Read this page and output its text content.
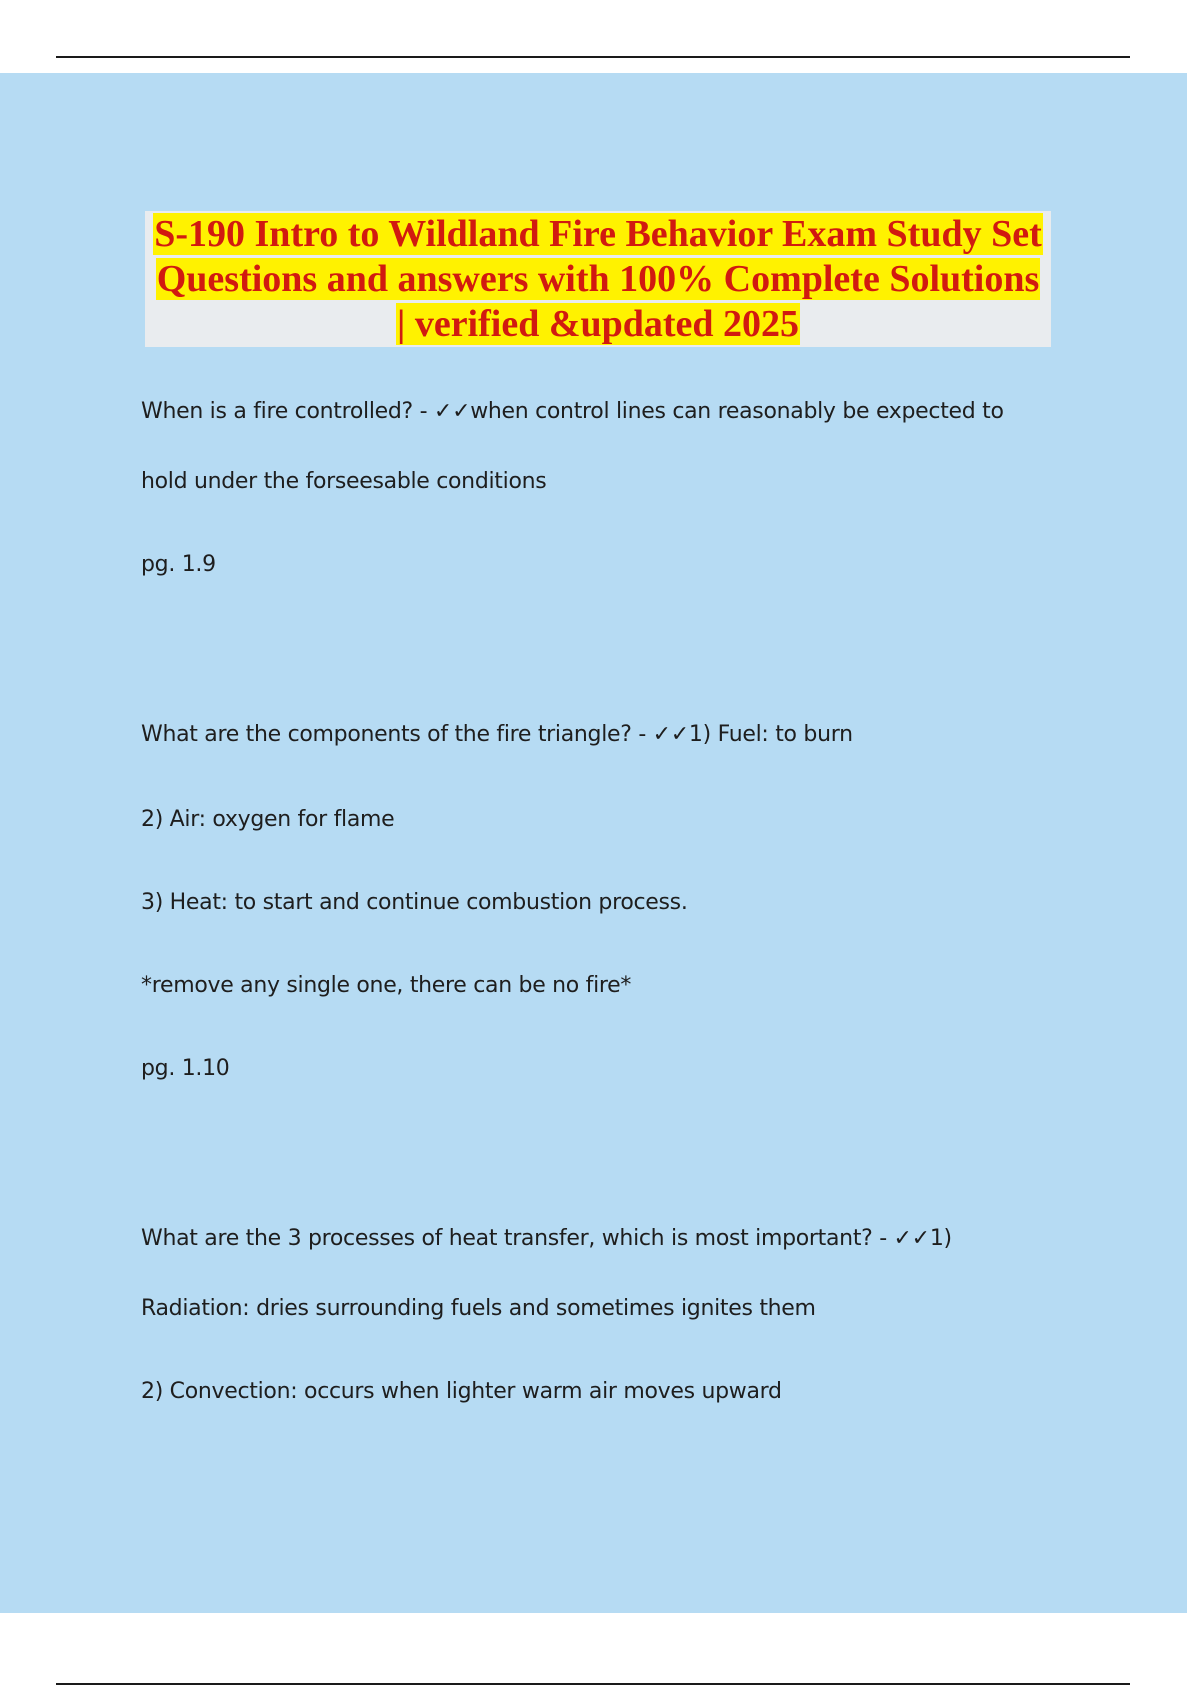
S-190 Intro to Wildland Fire Behavior Exam Study Set
Questions and answers with 100% Complete Solutions
| verified &updated 2025

When is a fire controlled? - ✓✓when control lines can reasonably be expected to

hold under the forseesable conditions

pg. 1.9

What are the components of the fire triangle? - ✓✓1) Fuel: to burn

2) Air: oxygen for flame

3) Heat: to start and continue combustion process.

*remove any single one, there can be no fire*

pg. 1.10

What are the 3 processes of heat transfer, which is most important? - ✓✓1)

Radiation: dries surrounding fuels and sometimes ignites them

2) Convection: occurs when lighter warm air moves upward
